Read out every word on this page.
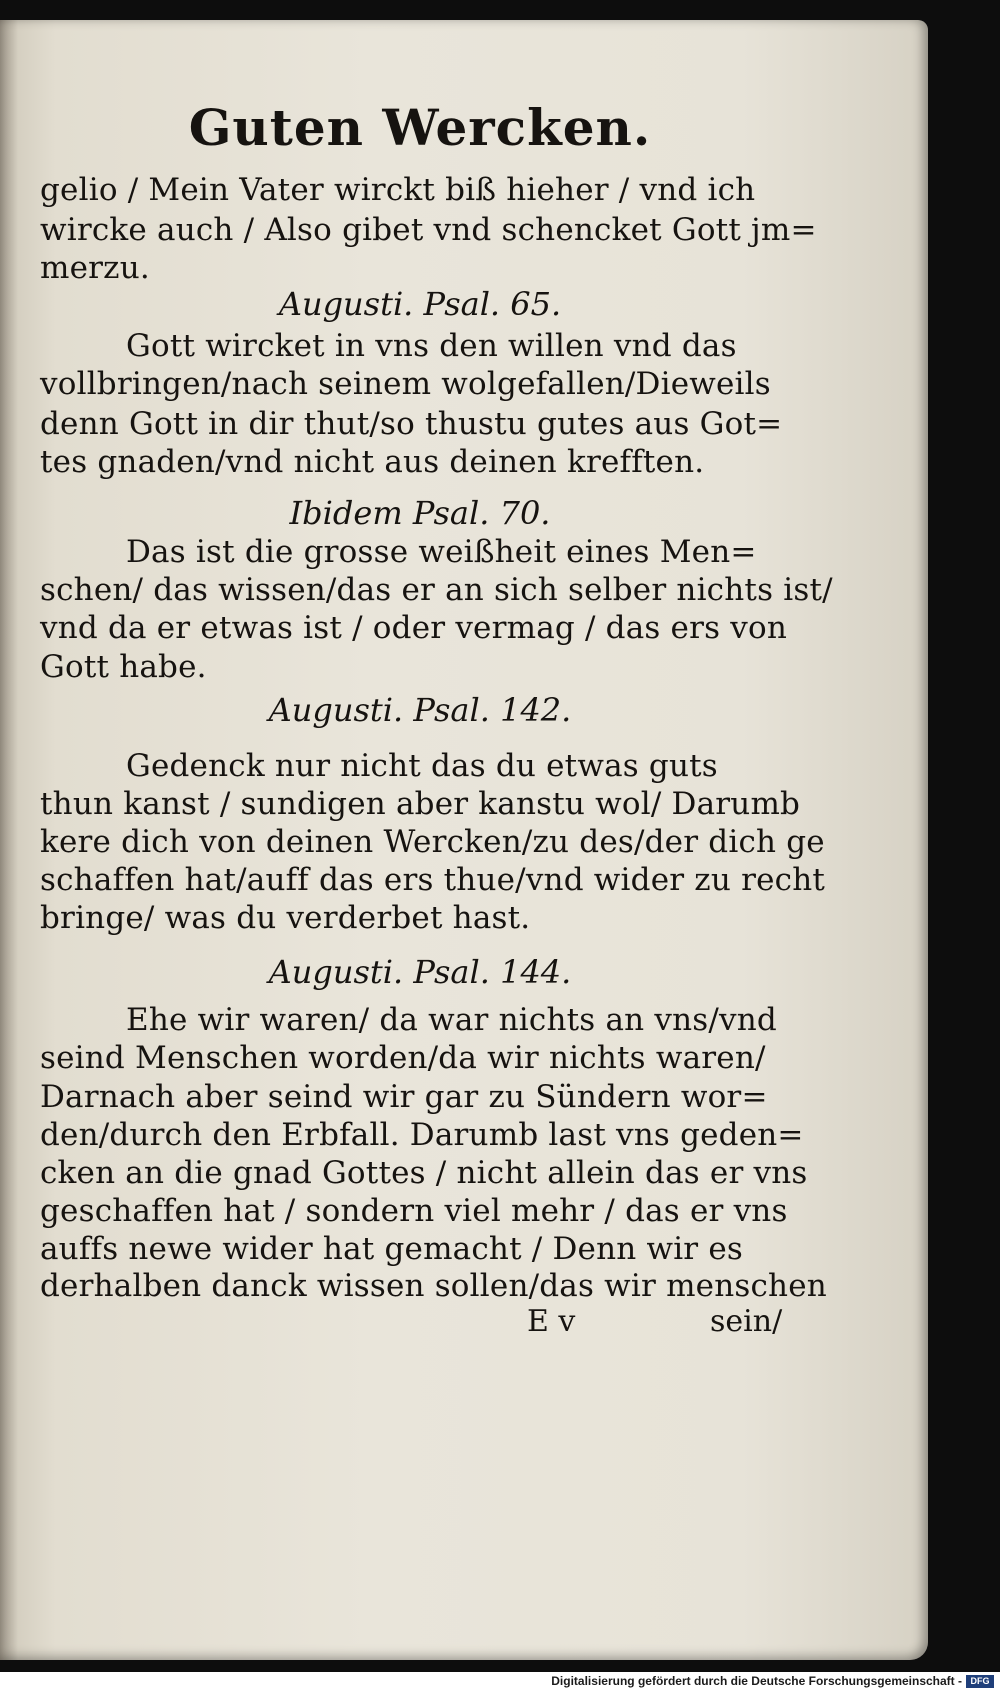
Guten Wercken.
gelio / Mein Vater wirckt biß hieher / vnd ich
wircke auch / Also gibet vnd schencket Gott jm=
merzu.
Augusti. Psal. 65.
Gott wircket in vns den willen vnd das
vollbringen/nach seinem wolgefallen/Dieweils
denn Gott in dir thut/so thustu gutes aus Got=
tes gnaden/vnd nicht aus deinen krefften.
Ibidem Psal. 70.
Das ist die grosse weißheit eines Men=
schen/ das wissen/das er an sich selber nichts ist/
vnd da er etwas ist / oder vermag / das ers von
Gott habe.
Augusti. Psal. 142.
Gedenck nur nicht das du etwas guts
thun kanst / sundigen aber kanstu wol/ Darumb
kere dich von deinen Wercken/zu des/der dich ge
schaffen hat/auff das ers thue/vnd wider zu recht
bringe/ was du verderbet hast.
Augusti. Psal. 144.
Ehe wir waren/ da war nichts an vns/vnd
seind Menschen worden/da wir nichts waren/
Darnach aber seind wir gar zu Sündern wor=
den/durch den Erbfall. Darumb last vns geden=
cken an die gnad Gottes / nicht allein das er vns
geschaffen hat / sondern viel mehr / das er vns
auffs newe wider hat gemacht / Denn wir es
derhalben danck wissen sollen/das wir menschen
E v	sein/
Digitalisierung gefördert durch die Deutsche Forschungsgemeinschaft - DFG
